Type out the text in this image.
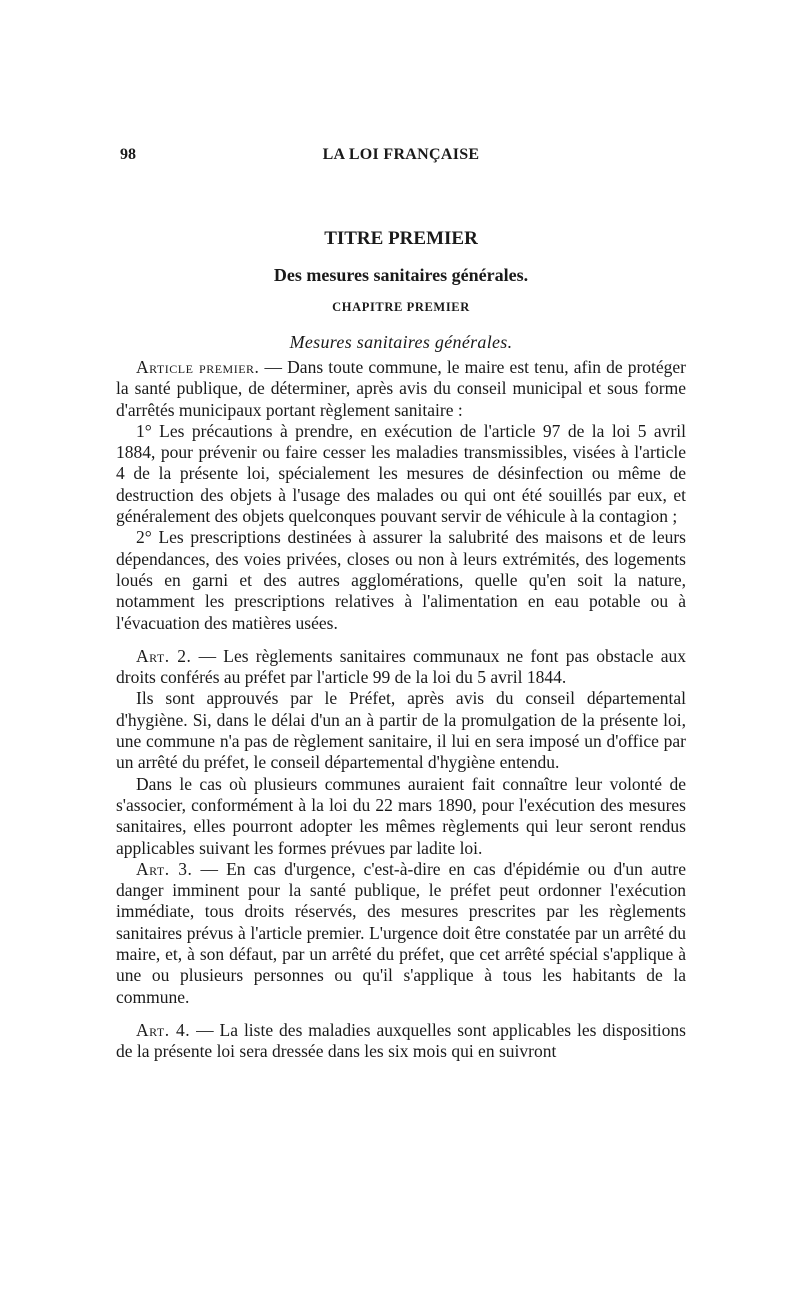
98	LA LOI FRANÇAISE
TITRE PREMIER
Des mesures sanitaires générales.
CHAPITRE PREMIER
Mesures sanitaires générales.

Article premier. — Dans toute commune, le maire est tenu, afin de protéger la santé publique, de déterminer, après avis du conseil municipal et sous forme d'arrêtés municipaux portant règlement sanitaire :

1° Les précautions à prendre, en exécution de l'article 97 de la loi 5 avril 1884, pour prévenir ou faire cesser les maladies transmissibles, visées à l'article 4 de la présente loi, spécialement les mesures de désinfection ou même de destruction des objets à l'usage des malades ou qui ont été souillés par eux, et généralement des objets quelconques pouvant servir de véhicule à la contagion ;

2° Les prescriptions destinées à assurer la salubrité des maisons et de leurs dépendances, des voies privées, closes ou non à leurs extrémités, des logements loués en garni et des autres agglomérations, quelle qu'en soit la nature, notamment les prescriptions relatives à l'alimentation en eau potable ou à l'évacuation des matières usées.

Art. 2. — Les règlements sanitaires communaux ne font pas obstacle aux droits conférés au préfet par l'article 99 de la loi du 5 avril 1844.

Ils sont approuvés par le Préfet, après avis du conseil départemental d'hygiène. Si, dans le délai d'un an à partir de la promulgation de la présente loi, une commune n'a pas de règlement sanitaire, il lui en sera imposé un d'office par un arrêté du préfet, le conseil départemental d'hygiène entendu.

Dans le cas où plusieurs communes auraient fait connaître leur volonté de s'associer, conformément à la loi du 22 mars 1890, pour l'exécution des mesures sanitaires, elles pourront adopter les mêmes règlements qui leur seront rendus applicables suivant les formes prévues par ladite loi.

Art. 3. — En cas d'urgence, c'est-à-dire en cas d'épidémie ou d'un autre danger imminent pour la santé publique, le préfet peut ordonner l'exécution immédiate, tous droits réservés, des mesures prescrites par les règlements sanitaires prévus à l'article premier. L'urgence doit être constatée par un arrêté du maire, et, à son défaut, par un arrêté du préfet, que cet arrêté spécial s'applique à une ou plusieurs personnes ou qu'il s'applique à tous les habitants de la commune.

Art. 4. — La liste des maladies auxquelles sont applicables les dispositions de la présente loi sera dressée dans les six mois qui en suivront
